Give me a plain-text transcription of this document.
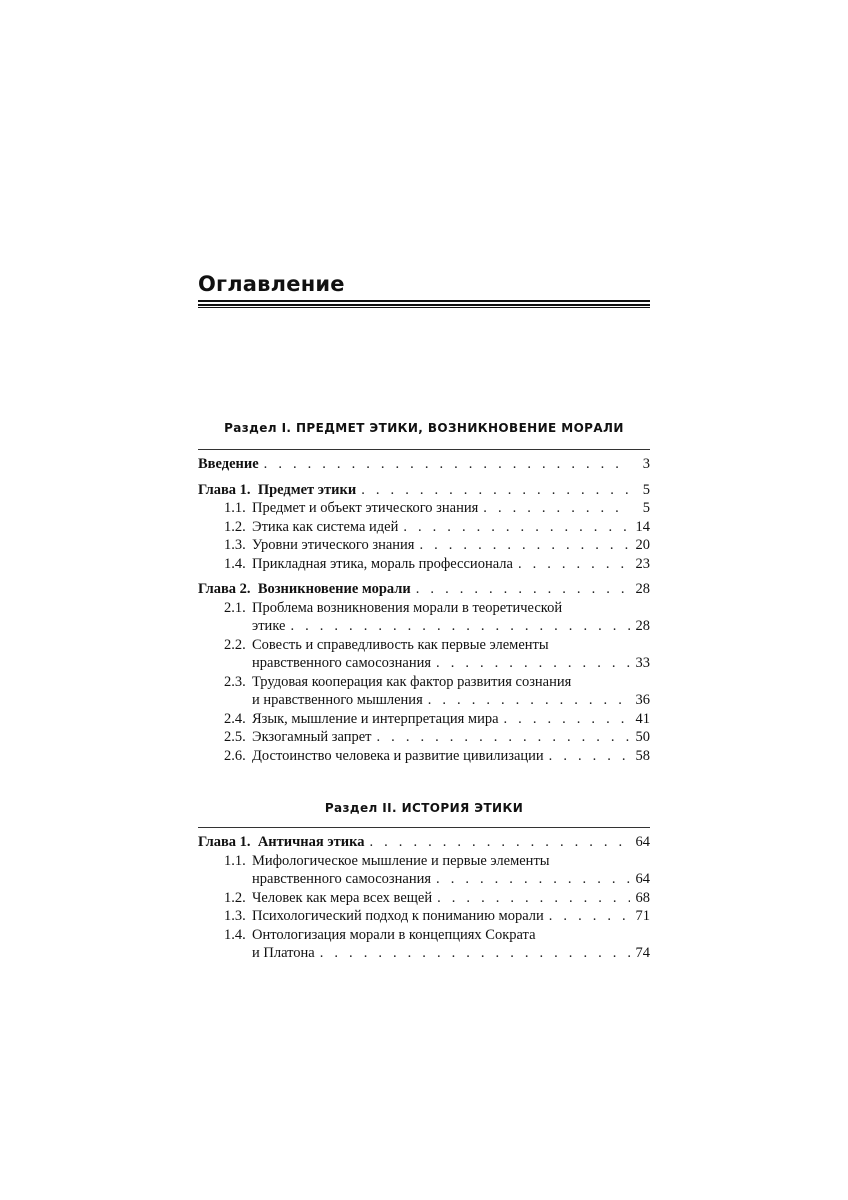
Оглавление
Раздел I. ПРЕДМЕТ ЭТИКИ, ВОЗНИКНОВЕНИЕ МОРАЛИ
Введение . . .	3
Глава 1. Предмет этики . . .	5
1.1. Предмет и объект этического знания . . .	5
1.2. Этика как система идей . . .	14
1.3. Уровни этического знания . . .	20
1.4. Прикладная этика, мораль профессионала . . .	23
Глава 2. Возникновение морали . . .	28
2.1. Проблема возникновения морали в теоретической
этике . . .	28
2.2. Совесть и справедливость как первые элементы
нравственного самосознания . . .	33
2.3. Трудовая кооперация как фактор развития сознания
и нравственного мышления . . .	36
2.4. Язык, мышление и интерпретация мира . . .	41
2.5. Экзогамный запрет . . .	50
2.6. Достоинство человека и развитие цивилизации . . .	58
Раздел II. ИСТОРИЯ ЭТИКИ
Глава 1. Античная этика . . .	64
1.1. Мифологическое мышление и первые элементы
нравственного самосознания . . .	64
1.2. Человек как мера всех вещей . . .	68
1.3. Психологический подход к пониманию морали . . .	71
1.4. Онтологизация морали в концепциях Сократа
и Платона . . .	74
